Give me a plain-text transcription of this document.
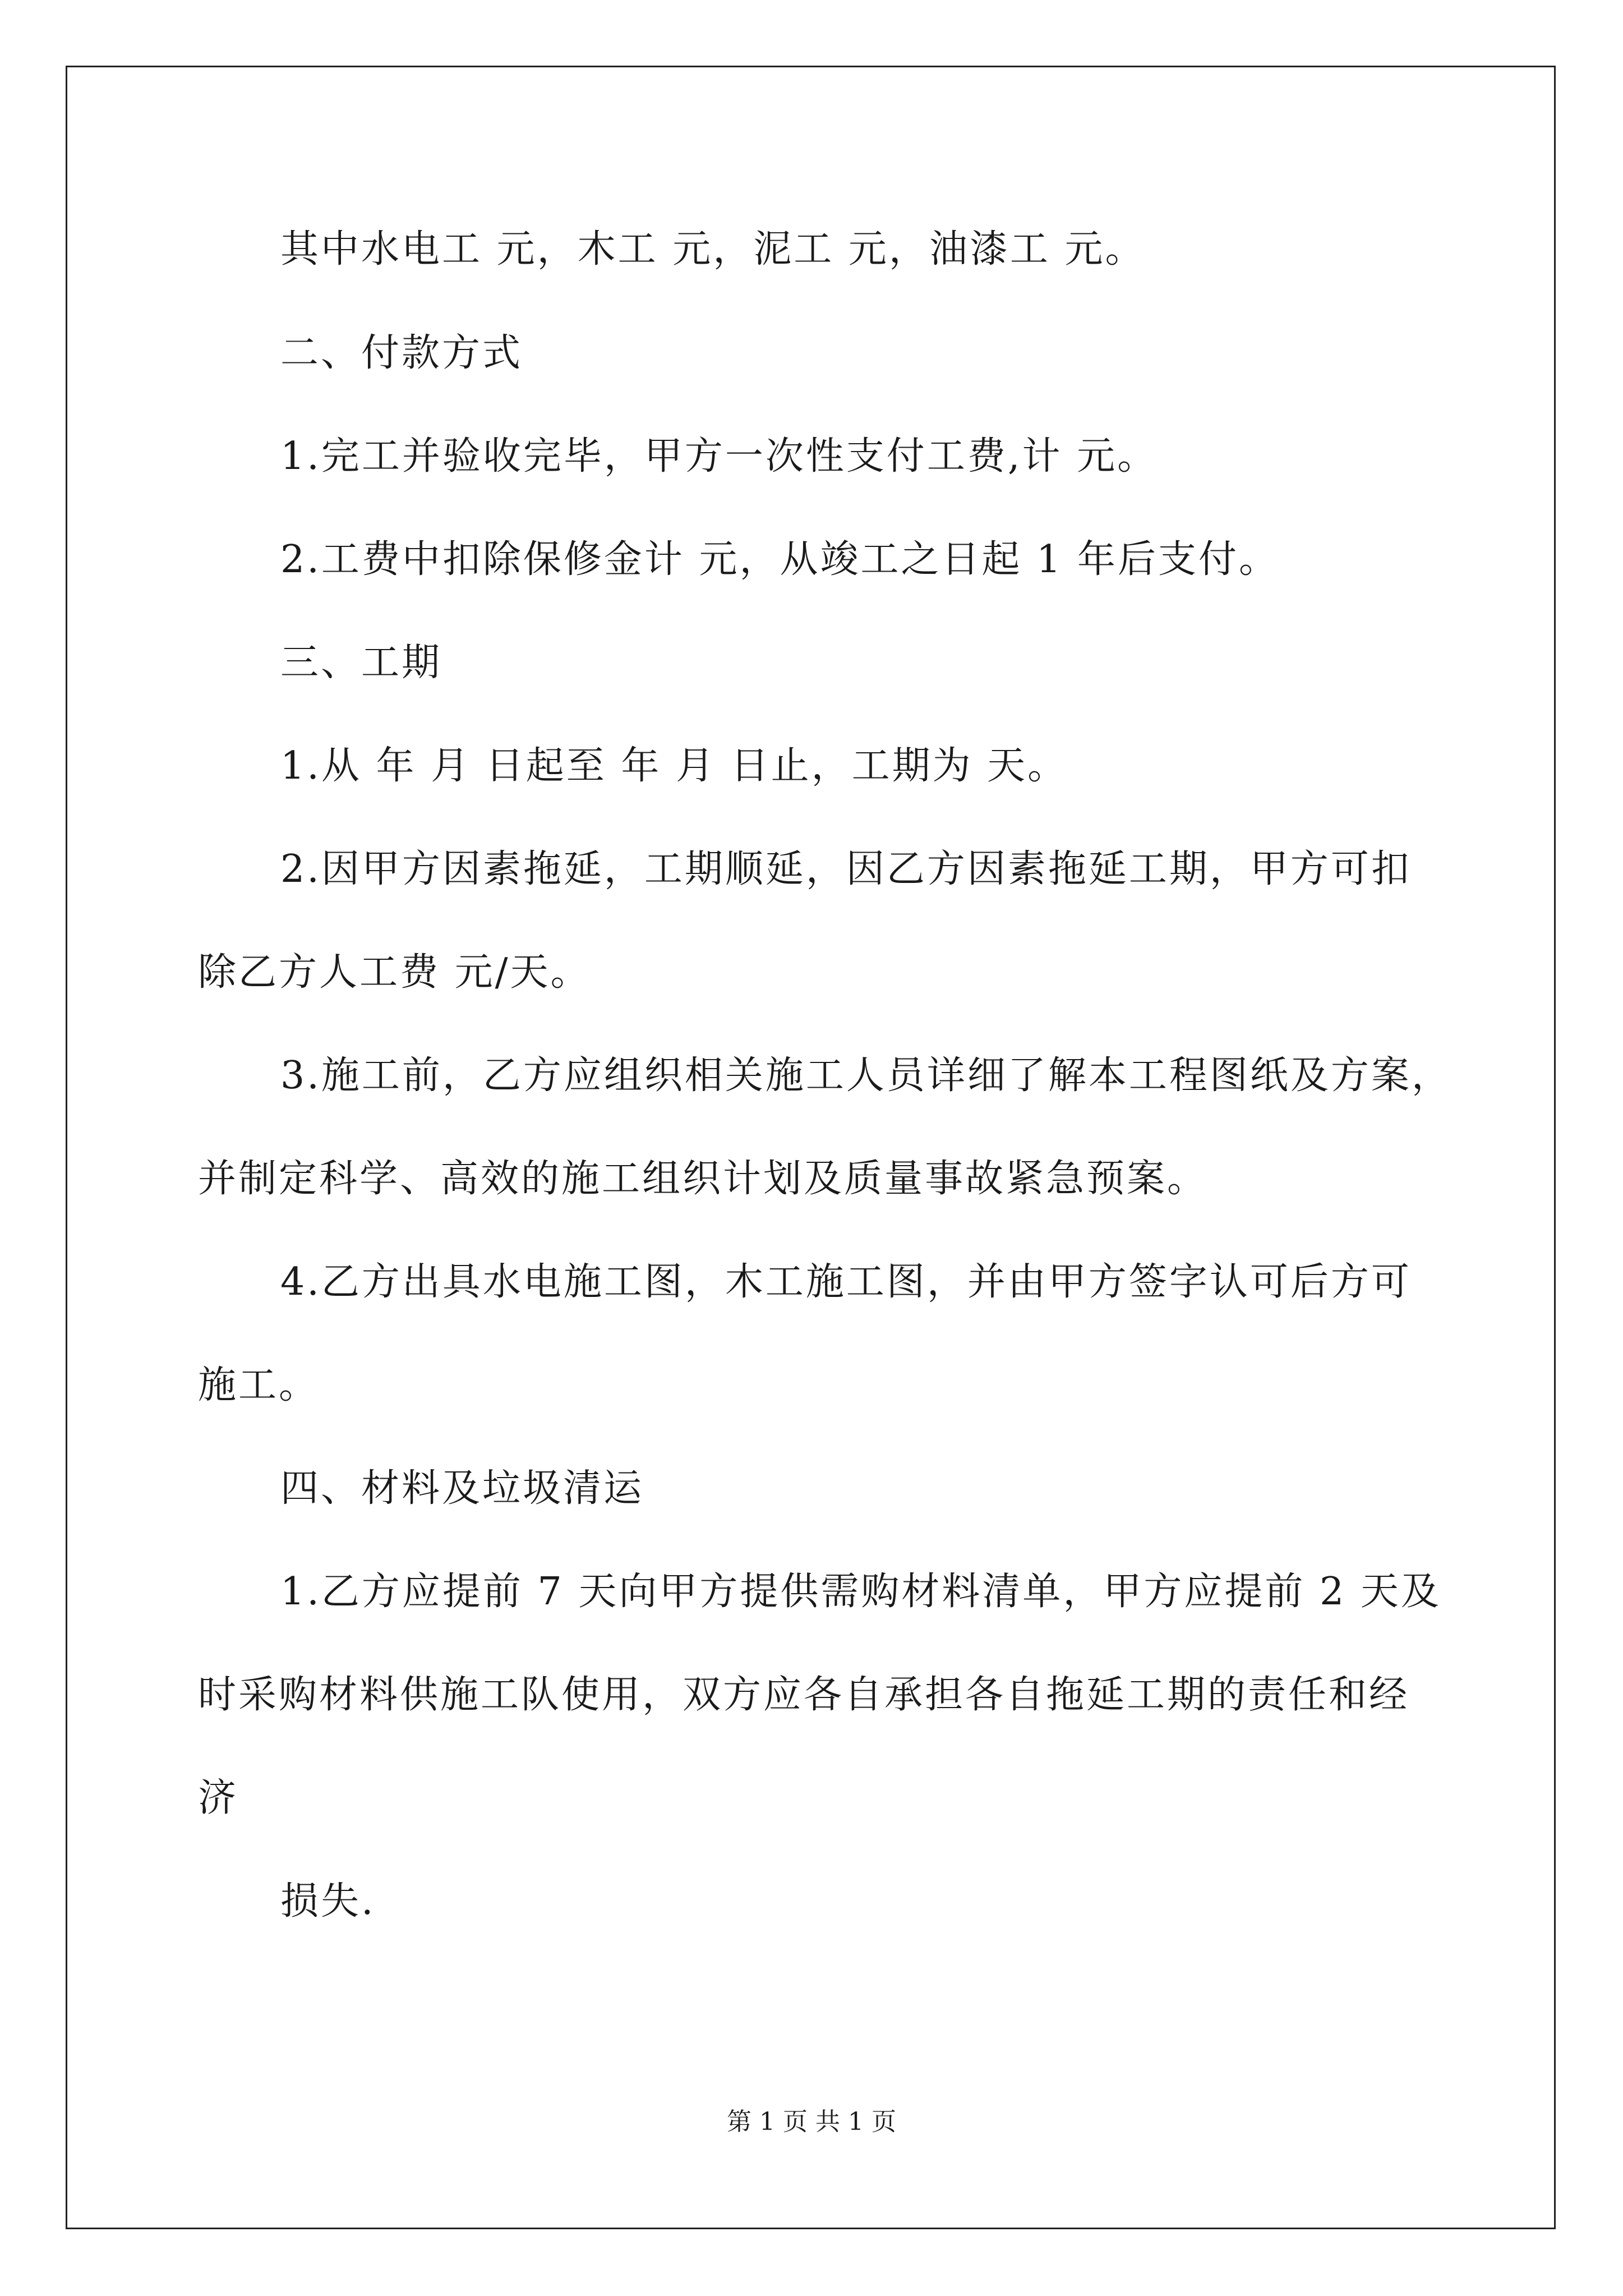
其中水电工 元，木工 元，泥工 元，油漆工 元。
二、付款方式
1.完工并验收完毕，甲方一次性支付工费,计 元。
2.工费中扣除保修金计 元，从竣工之日起 1 年后支付。
三、工期
1.从 年 月 日起至 年 月 日止，工期为 天。
2.因甲方因素拖延，工期顺延，因乙方因素拖延工期，甲方可扣
除乙方人工费 元/天。
3.施工前，乙方应组织相关施工人员详细了解本工程图纸及方案，
并制定科学、高效的施工组织计划及质量事故紧急预案。
4.乙方出具水电施工图，木工施工图，并由甲方签字认可后方可
施工。
四、材料及垃圾清运
1.乙方应提前 7 天向甲方提供需购材料清单，甲方应提前 2 天及
时采购材料供施工队使用，双方应各自承担各自拖延工期的责任和经
济
损失.
第 1 页 共 1 页
